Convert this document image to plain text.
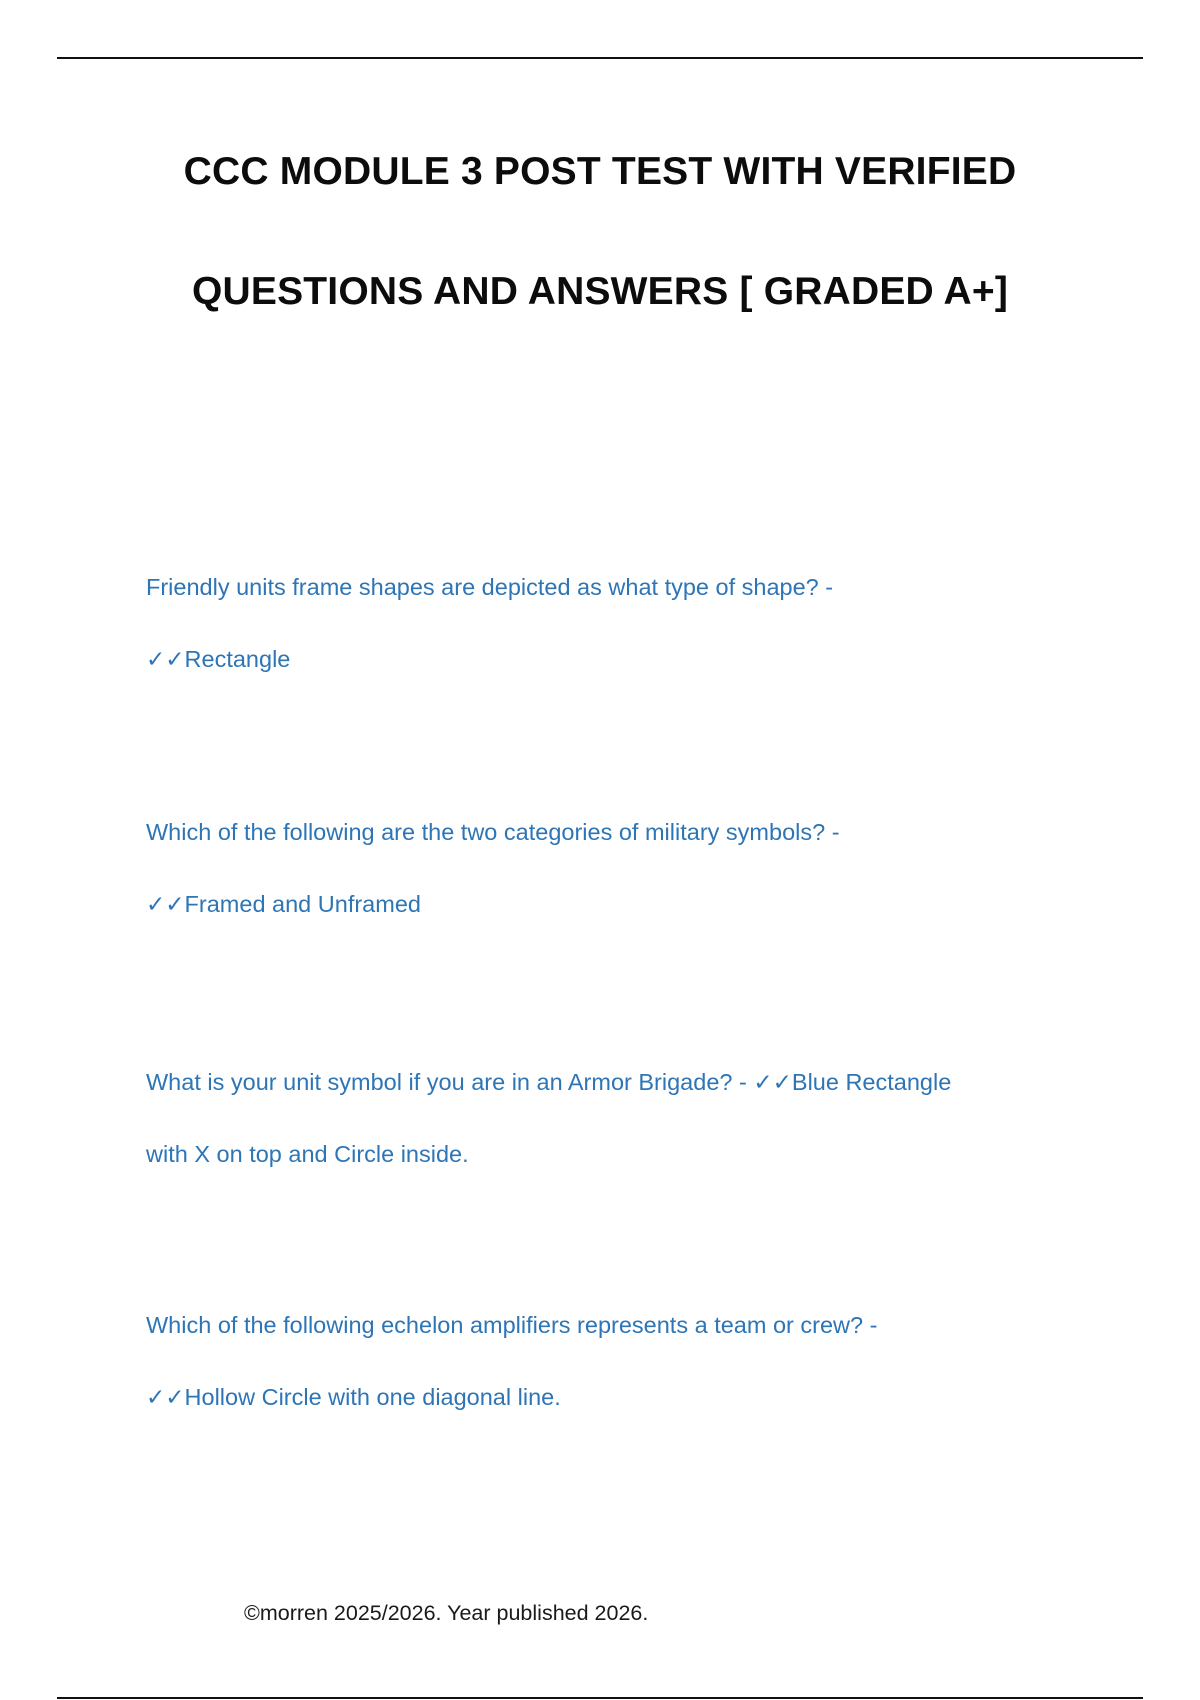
CCC MODULE 3 POST TEST WITH VERIFIED
QUESTIONS AND ANSWERS [ GRADED A+]
Friendly units frame shapes are depicted as what type of shape? -
✓✓Rectangle
Which of the following are the two categories of military symbols? -
✓✓Framed and Unframed
What is your unit symbol if you are in an Armor Brigade? - ✓✓Blue Rectangle
with X on top and Circle inside.
Which of the following echelon amplifiers represents a team or crew? -
✓✓Hollow Circle with one diagonal line.
©morren 2025/2026. Year published 2026.
